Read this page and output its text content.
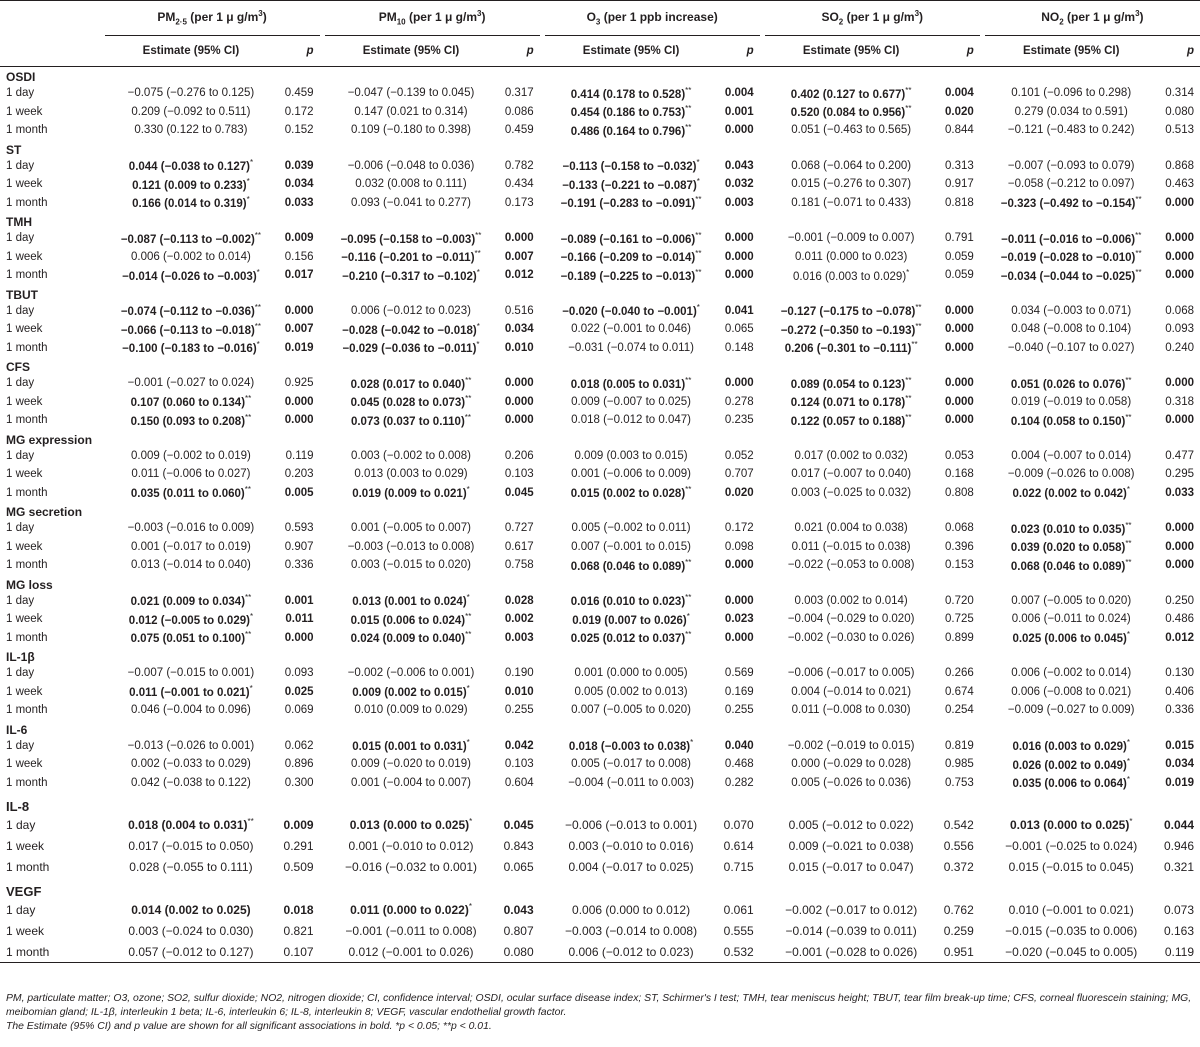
	$PM_{2\cdot 5}$ (per 1 μ $g/m^3$)			$PM_{10}$ (per 1 μ $g/m^3$)			$O_3$ (per 1 ppb increase)			$SO_2$ (per 1 μ $g/m^3$)			$NO_2$ (per 1 μ $g/m^3$)	
	Estimate (95% CI)	p		Estimate (95% CI)	p		Estimate (95% CI)	p		Estimate (95% CI)	p		Estimate (95% CI)	p
OSDI														
1 day	−0.075 (−0.276 to 0.125)	0.459		−0.047 (−0.139 to 0.045)	0.317		0.414 (0.178 to 0.528)**	0.004		0.402 (0.127 to 0.677)**	0.004		0.101 (−0.096 to 0.298)	0.314
1 week	0.209 (−0.092 to 0.511)	0.172		0.147 (0.021 to 0.314)	0.086		0.454 (0.186 to 0.753)**	0.001		0.520 (0.084 to 0.956)**	0.020		0.279 (0.034 to 0.591)	0.080
1 month	0.330 (0.122 to 0.783)	0.152		0.109 (−0.180 to 0.398)	0.459		0.486 (0.164 to 0.796)**	0.000		0.051 (−0.463 to 0.565)	0.844		−0.121 (−0.483 to 0.242)	0.513
ST														
1 day	0.044 (−0.038 to 0.127)*	0.039		−0.006 (−0.048 to 0.036)	0.782		−0.113 (−0.158 to −0.032)*	0.043		0.068 (−0.064 to 0.200)	0.313		−0.007 (−0.093 to 0.079)	0.868
1 week	0.121 (0.009 to 0.233)*	0.034		0.032 (0.008 to 0.111)	0.434		−0.133 (−0.221 to −0.087)*	0.032		0.015 (−0.276 to 0.307)	0.917		−0.058 (−0.212 to 0.097)	0.463
1 month	0.166 (0.014 to 0.319)*	0.033		0.093 (−0.041 to 0.277)	0.173		−0.191 (−0.283 to −0.091)**	0.003		0.181 (−0.071 to 0.433)	0.818		−0.323 (−0.492 to −0.154)**	0.000
TMH														
1 day	−0.087 (−0.113 to −0.002)**	0.009		−0.095 (−0.158 to −0.003)**	0.000		−0.089 (−0.161 to −0.006)**	0.000		−0.001 (−0.009 to 0.007)	0.791		−0.011 (−0.016 to −0.006)**	0.000
1 week	0.006 (−0.002 to 0.014)	0.156		−0.116 (−0.201 to −0.011)**	0.007		−0.166 (−0.209 to −0.014)**	0.000		0.011 (0.000 to 0.023)	0.059		−0.019 (−0.028 to −0.010)**	0.000
1 month	−0.014 (−0.026 to −0.003)*	0.017		−0.210 (−0.317 to −0.102)*	0.012		−0.189 (−0.225 to −0.013)**	0.000		0.016 (0.003 to 0.029)*	0.059		−0.034 (−0.044 to −0.025)**	0.000
TBUT														
1 day	−0.074 (−0.112 to −0.036)**	0.000		0.006 (−0.012 to 0.023)	0.516		−0.020 (−0.040 to −0.001)*	0.041		−0.127 (−0.175 to −0.078)**	0.000		0.034 (−0.003 to 0.071)	0.068
1 week	−0.066 (−0.113 to −0.018)**	0.007		−0.028 (−0.042 to −0.018)*	0.034		0.022 (−0.001 to 0.046)	0.065		−0.272 (−0.350 to −0.193)**	0.000		0.048 (−0.008 to 0.104)	0.093
1 month	−0.100 (−0.183 to −0.016)*	0.019		−0.029 (−0.036 to −0.011)*	0.010		−0.031 (−0.074 to 0.011)	0.148		0.206 (−0.301 to −0.111)**	0.000		−0.040 (−0.107 to 0.027)	0.240
CFS														
1 day	−0.001 (−0.027 to 0.024)	0.925		0.028 (0.017 to 0.040)**	0.000		0.018 (0.005 to 0.031)**	0.000		0.089 (0.054 to 0.123)**	0.000		0.051 (0.026 to 0.076)**	0.000
1 week	0.107 (0.060 to 0.134)**	0.000		0.045 (0.028 to 0.073)**	0.000		0.009 (−0.007 to 0.025)	0.278		0.124 (0.071 to 0.178)**	0.000		0.019 (−0.019 to 0.058)	0.318
1 month	0.150 (0.093 to 0.208)**	0.000		0.073 (0.037 to 0.110)**	0.000		0.018 (−0.012 to 0.047)	0.235		0.122 (0.057 to 0.188)**	0.000		0.104 (0.058 to 0.150)**	0.000
MG expression														
1 day	0.009 (−0.002 to 0.019)	0.119		0.003 (−0.002 to 0.008)	0.206		0.009 (0.003 to 0.015)	0.052		0.017 (0.002 to 0.032)	0.053		0.004 (−0.007 to 0.014)	0.477
1 week	0.011 (−0.006 to 0.027)	0.203		0.013 (0.003 to 0.029)	0.103		0.001 (−0.006 to 0.009)	0.707		0.017 (−0.007 to 0.040)	0.168		−0.009 (−0.026 to 0.008)	0.295
1 month	0.035 (0.011 to 0.060)**	0.005		0.019 (0.009 to 0.021)*	0.045		0.015 (0.002 to 0.028)**	0.020		0.003 (−0.025 to 0.032)	0.808		0.022 (0.002 to 0.042)*	0.033
MG secretion														
1 day	−0.003 (−0.016 to 0.009)	0.593		0.001 (−0.005 to 0.007)	0.727		0.005 (−0.002 to 0.011)	0.172		0.021 (0.004 to 0.038)	0.068		0.023 (0.010 to 0.035)**	0.000
1 week	0.001 (−0.017 to 0.019)	0.907		−0.003 (−0.013 to 0.008)	0.617		0.007 (−0.001 to 0.015)	0.098		0.011 (−0.015 to 0.038)	0.396		0.039 (0.020 to 0.058)**	0.000
1 month	0.013 (−0.014 to 0.040)	0.336		0.003 (−0.015 to 0.020)	0.758		0.068 (0.046 to 0.089)**	0.000		−0.022 (−0.053 to 0.008)	0.153		0.068 (0.046 to 0.089)**	0.000
MG loss														
1 day	0.021 (0.009 to 0.034)**	0.001		0.013 (0.001 to 0.024)*	0.028		0.016 (0.010 to 0.023)**	0.000		0.003 (0.002 to 0.014)	0.720		0.007 (−0.005 to 0.020)	0.250
1 week	0.012 (−0.005 to 0.029)*	0.011		0.015 (0.006 to 0.024)**	0.002		0.019 (0.007 to 0.026)*	0.023		−0.004 (−0.029 to 0.020)	0.725		0.006 (−0.011 to 0.024)	0.486
1 month	0.075 (0.051 to 0.100)**	0.000		0.024 (0.009 to 0.040)**	0.003		0.025 (0.012 to 0.037)**	0.000		−0.002 (−0.030 to 0.026)	0.899		0.025 (0.006 to 0.045)*	0.012
IL-1β														
1 day	−0.007 (−0.015 to 0.001)	0.093		−0.002 (−0.006 to 0.001)	0.190		0.001 (0.000 to 0.005)	0.569		−0.006 (−0.017 to 0.005)	0.266		0.006 (−0.002 to 0.014)	0.130
1 week	0.011 (−0.001 to 0.021)*	0.025		0.009 (0.002 to 0.015)*	0.010		0.005 (0.002 to 0.013)	0.169		0.004 (−0.014 to 0.021)	0.674		0.006 (−0.008 to 0.021)	0.406
1 month	0.046 (−0.004 to 0.096)	0.069		0.010 (0.009 to 0.029)	0.255		0.007 (−0.005 to 0.020)	0.255		0.011 (−0.008 to 0.030)	0.254		−0.009 (−0.027 to 0.009)	0.336
IL-6														
1 day	−0.013 (−0.026 to 0.001)	0.062		0.015 (0.001 to 0.031)*	0.042		0.018 (−0.003 to 0.038)*	0.040		−0.002 (−0.019 to 0.015)	0.819		0.016 (0.003 to 0.029)*	0.015
1 week	0.002 (−0.033 to 0.029)	0.896		0.009 (−0.020 to 0.019)	0.103		0.005 (−0.017 to 0.008)	0.468		0.000 (−0.029 to 0.028)	0.985		0.026 (0.002 to 0.049)*	0.034
1 month	0.042 (−0.038 to 0.122)	0.300		0.001 (−0.004 to 0.007)	0.604		−0.004 (−0.011 to 0.003)	0.282		0.005 (−0.026 to 0.036)	0.753		0.035 (0.006 to 0.064)*	0.019
IL-8														
1 day	0.018 (0.004 to 0.031)**	0.009		0.013 (0.000 to 0.025)*	0.045		−0.006 (−0.013 to 0.001)	0.070		0.005 (−0.012 to 0.022)	0.542		0.013 (0.000 to 0.025)*	0.044
1 week	0.017 (−0.015 to 0.050)	0.291		0.001 (−0.010 to 0.012)	0.843		0.003 (−0.010 to 0.016)	0.614		0.009 (−0.021 to 0.038)	0.556		−0.001 (−0.025 to 0.024)	0.946
1 month	0.028 (−0.055 to 0.111)	0.509		−0.016 (−0.032 to 0.001)	0.065		0.004 (−0.017 to 0.025)	0.715		0.015 (−0.017 to 0.047)	0.372		0.015 (−0.015 to 0.045)	0.321
VEGF														
1 day	0.014 (0.002 to 0.025)	0.018		0.011 (0.000 to 0.022)*	0.043		0.006 (0.000 to 0.012)	0.061		−0.002 (−0.017 to 0.012)	0.762		0.010 (−0.001 to 0.021)	0.073
1 week	0.003 (−0.024 to 0.030)	0.821		−0.001 (−0.011 to 0.008)	0.807		−0.003 (−0.014 to 0.008)	0.555		−0.014 (−0.039 to 0.011)	0.259		−0.015 (−0.035 to 0.006)	0.163
1 month	0.057 (−0.012 to 0.127)	0.107		0.012 (−0.001 to 0.026)	0.080		0.006 (−0.012 to 0.023)	0.532		−0.001 (−0.028 to 0.026)	0.951		−0.020 (−0.045 to 0.005)	0.119
PM, particulate matter; O3, ozone; SO2, sulfur dioxide; NO2, nitrogen dioxide; CI, confidence interval; OSDI, ocular surface disease index; ST, Schirmer's I test; TMH, tear meniscus height; TBUT, tear film break-up time; CFS, corneal fluorescein staining; MG, meibomian gland; IL-1β, interleukin 1 beta; IL-6, interleukin 6; IL-8, interleukin 8; VEGF, vascular endothelial growth factor.
The Estimate (95% CI) and p value are shown for all significant associations in bold. *p < 0.05; **p < 0.01.
